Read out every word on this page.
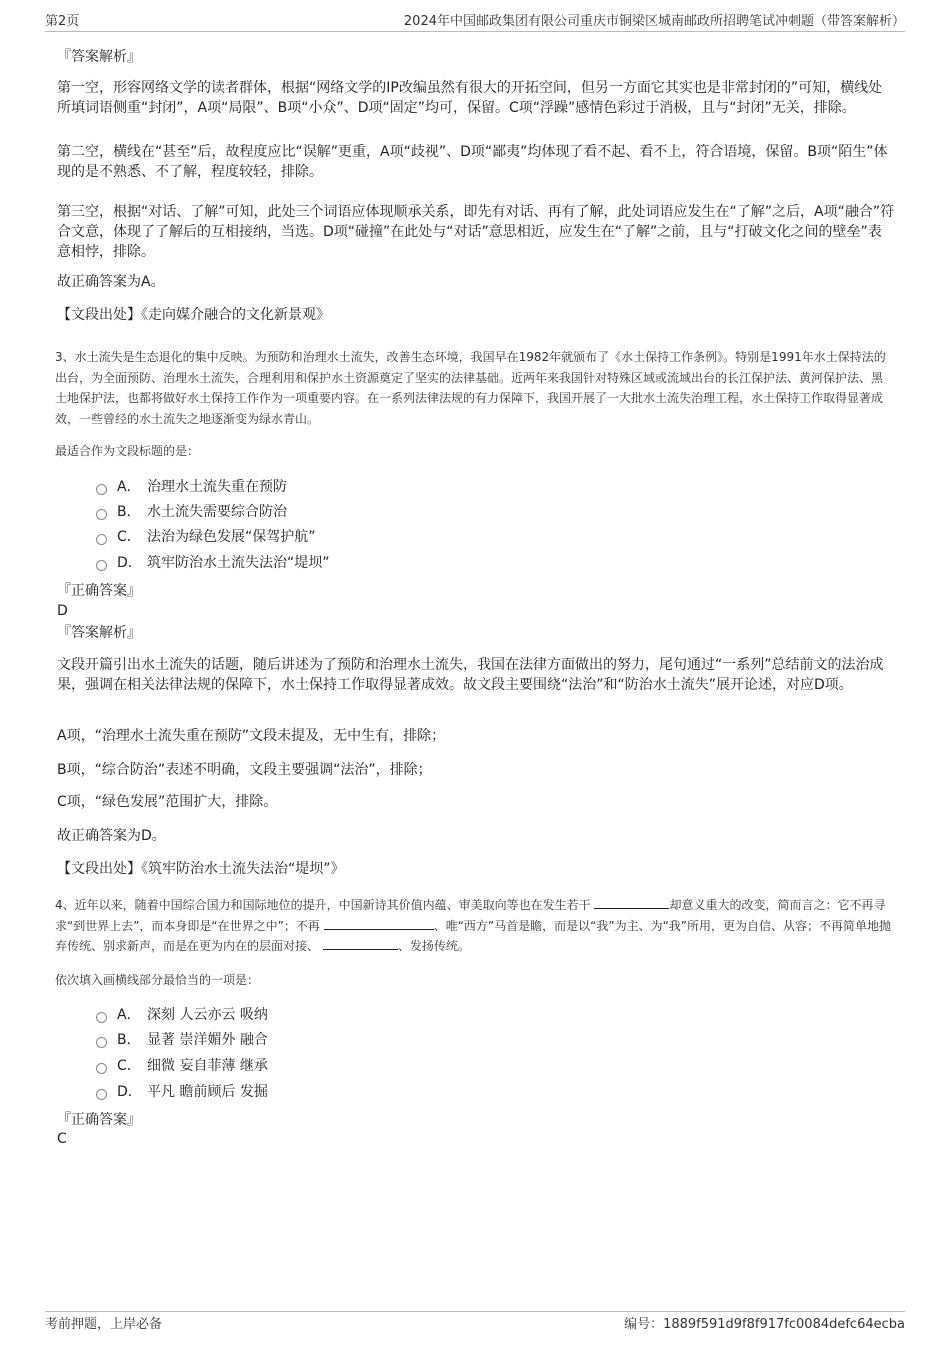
第2页	2024年中国邮政集团有限公司重庆市铜梁区城南邮政所招聘笔试冲刺题（带答案解析）
『答案解析』
第一空，形容网络文学的读者群体，根据“网络文学的IP改编虽然有很大的开拓空间，但另一方面它其实也是非常封闭的”可知，横线处所填词语侧重“封闭”，A项“局限”、B项“小众”、D项“固定”均可，保留。C项“浮躁”感情色彩过于消极，且与“封闭”无关，排除。
第二空，横线在“甚至”后，故程度应比“误解”更重，A项“歧视”、D项“鄙夷”均体现了看不起、看不上，符合语境，保留。B项“陌生”体现的是不熟悉、不了解，程度较轻，排除。
第三空，根据“对话、了解”可知，此处三个词语应体现顺承关系，即先有对话、再有了解，此处词语应发生在“了解”之后，A项“融合”符合文意，体现了了解后的互相接纳，当选。D项“碰撞”在此处与“对话”意思相近，应发生在“了解”之前，且与“打破文化之间的壁垒”表意相悖，排除。
故正确答案为A。
【文段出处】《走向媒介融合的文化新景观》
3、水土流失是生态退化的集中反映。为预防和治理水土流失，改善生态环境，我国早在1982年就颁布了《水土保持工作条例》。特别是1991年水土保持法的出台，为全面预防、治理水土流失，合理利用和保护水土资源奠定了坚实的法律基础。近两年来我国针对特殊区域或流域出台的长江保护法、黄河保护法、黑土地保护法，也都将做好水土保持工作作为一项重要内容。在一系列法律法规的有力保障下，我国开展了一大批水土流失治理工程，水土保持工作取得显著成效，一些曾经的水土流失之地逐渐变为绿水青山。
最适合作为文段标题的是：
A． 治理水土流失重在预防
B． 水土流失需要综合防治
C． 法治为绿色发展“保驾护航”
D． 筑牢防治水土流失法治“堤坝”
『正确答案』
D
『答案解析』
文段开篇引出水土流失的话题，随后讲述为了预防和治理水土流失，我国在法律方面做出的努力，尾句通过“一系列”总结前文的法治成果，强调在相关法律法规的保障下，水土保持工作取得显著成效。故文段主要围绕“法治”和“防治水土流失”展开论述，对应D项。
A项，“治理水土流失重在预防”文段未提及，无中生有，排除；
B项，“综合防治”表述不明确，文段主要强调“法治”，排除；
C项，“绿色发展”范围扩大，排除。
故正确答案为D。
【文段出处】《筑牢防治水土流失法治“堤坝”》
4、近年以来，随着中国综合国力和国际地位的提升，中国新诗其价值内蕴、审美取向等也在发生若干	却意义重大的改变，简而言之：它不再寻求“到世界上去”，而本身即是“在世界之中”；不再	、唯“西方”马首是瞻，而是以“我”为主、为“我”所用，更为自信、从容；不再简单地抛弃传统、别求新声，而是在更为内在的层面对接、	、发扬传统。
依次填入画横线部分最恰当的一项是：
A． 深刻 人云亦云 吸纳
B． 显著 崇洋媚外 融合
C． 细微 妄自菲薄 继承
D． 平凡 瞻前顾后 发掘
『正确答案』
C
考前押题，上岸必备	编号：1889f591d9f8f917fc0084defc64ecba
